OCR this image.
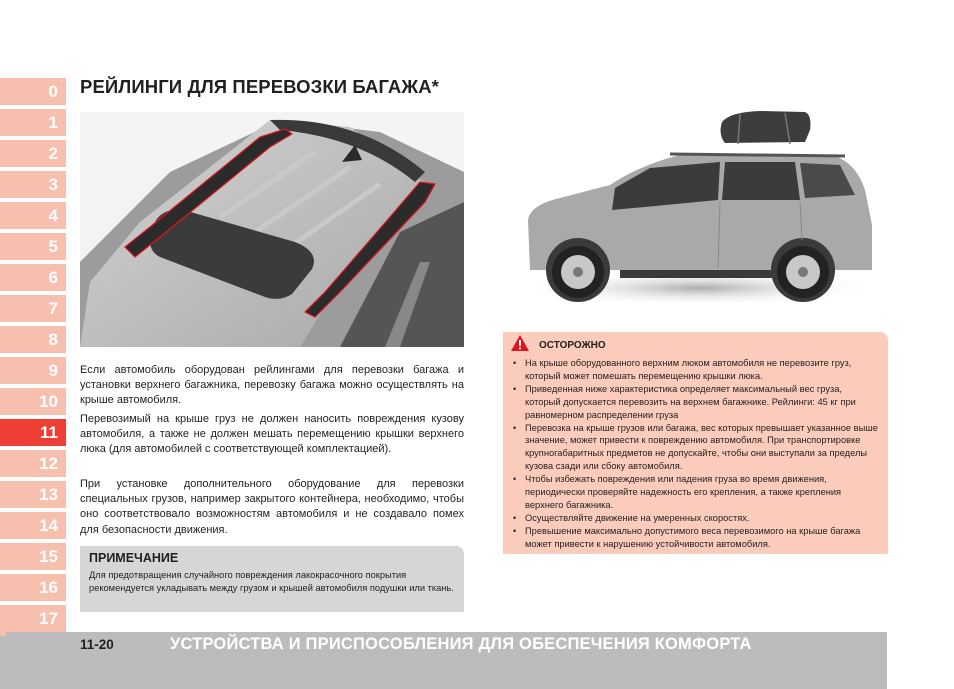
0
1
2
3
4
5
6
7
8
9
10
11
12
13
14
15
16
17
РЕЙЛИНГИ ДЛЯ ПЕРЕВОЗКИ БАГАЖА*
Если автомобиль оборудован рейлингами для перевозки багажа и установки верхнего багажника, перевозку багажа можно осуществлять на крыше автомобиля.
Перевозимый на крыше груз не должен наносить повреждения кузову автомобиля, а также не должен мешать перемещению крышки верхнего люка (для автомобилей с соответствующей комплектацией).
При установке дополнительного оборудование для перевозки специальных грузов, например закрытого контейнера, необходимо, чтобы оно соответствовало возможностям автомобиля и не создавало помех для безопасности движения.
ПРИМЕЧАНИЕ
Для предотвращения случайного повреждения лакокрасочного покрытия рекомендуется укладывать между грузом и крышей автомобиля подушки или ткань.
ОСТОРОЖНО
• На крыше оборудованного верхним люком автомобиля не перевозите груз, который может помешать перемещению крышки люка.
• Приведенная ниже характеристика определяет максимальный вес груза, который допускается перевозить на верхнем багажнике. Рейлинги: 45 кг при равномерном распределении груза
• Перевозка на крыше грузов или багажа, вес которых превышает указанное выше значение, может привести к повреждению автомобиля. При транспортировке крупногабаритных предметов не допускайте, чтобы они выступали за пределы кузова сзади или сбоку автомобиля.
• Чтобы избежать повреждения или падения груза во время движения, периодически проверяйте надежность его крепления, а также крепления верхнего багажника.
• Осуществляйте движение на умеренных скоростях.
• Превышение максимально допустимого веса перевозимого на крыше багажа может привести к нарушению устойчивости автомобиля.
11-20	УСТРОЙСТВА И ПРИСПОСОБЛЕНИЯ ДЛЯ ОБЕСПЕЧЕНИЯ КОМФОРТА
